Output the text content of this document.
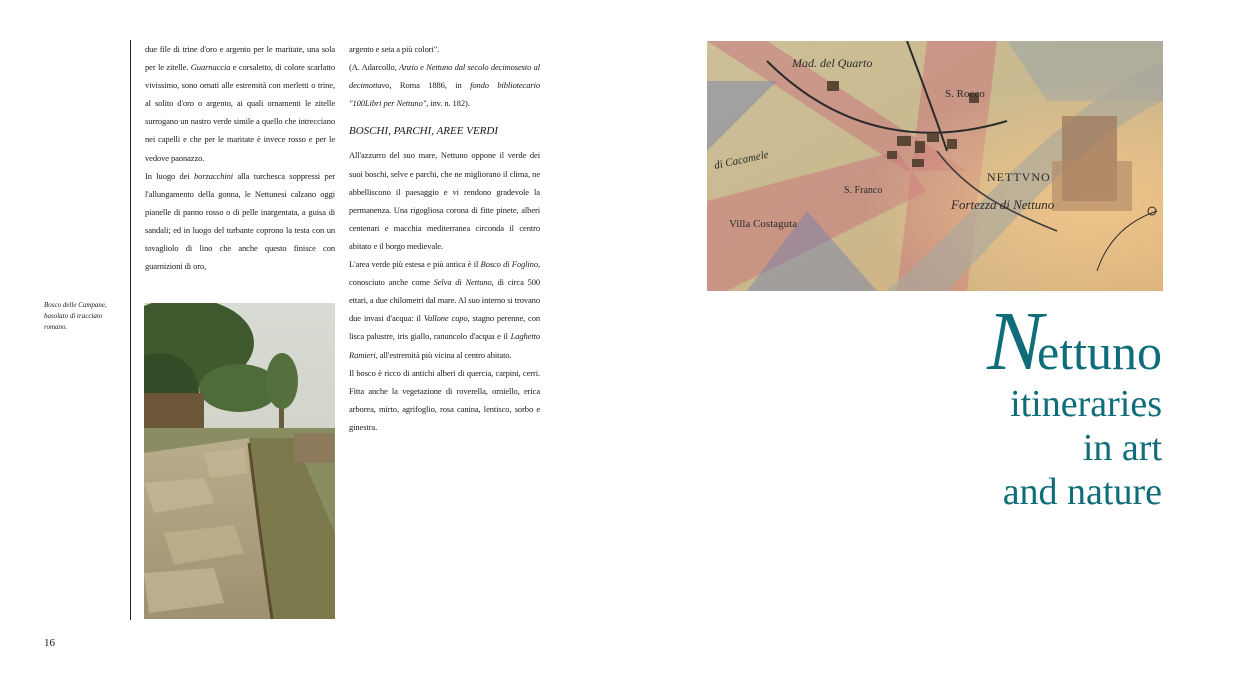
due file di trine d'oro e argento per le maritate, una sola per le zitelle. Guarnaccia e corsaletto, di colore scarlatto vivissimo, sono ornati alle estremità con merletti o trine, al solito d'oro o argento, ai quali ornamenti le zitelle surrogano un nastro verde simile a quello che intrecciano nei capelli e che per le maritate è invece rosso e per le vedove paonazzo.

In luogo dei borzacchini alla turchesca soppressi per l'allungamento della gonna, le Nettunesi calzano oggi pianelle di panno rosso o di pelle inargentata, a guisa di sandali; ed in luogo del turbante coprono la testa con un tovagliolo di lino che anche questo finisce con guarnizioni di oro,

Bosco delle Campane, basolato di tracciato romano.

argento e seta a più colori".

(A. Adarcollo, Anzio e Nettuno dal secolo decimosesto al decimottavo, Roma 1886, in fondo bibliotecario "100Libri per Nettuno", inv. n. 182).

BOSCHI, PARCHI, AREE VERDI

All'azzurro del suo mare, Nettuno oppone il verde dei suoi boschi, selve e parchi, che ne migliorano il clima, ne abbelliscono il paesaggio e vi rendono gradevole la permanenza. Una rigogliosa corona di fitte pinete, alberi centenari e macchia mediterranea circonda il centro abitato e il borgo medievale.

L'area verde più estesa e più antica è il Bosco di Foglino, conosciuto anche come Selva di Nettuno, di circa 500 ettari, a due chilometri dal mare. Al suo interno si trovano due invasi d'acqua: il Vallone cupo, stagno perenne, con lisca palustre, iris giallo, ranuncolo d'acqua e il Laghetto Ramieri, all'estremità più vicina al centro abitato.

Il bosco è ricco di antichi alberi di quercia, carpini, cerri. Fitta anche la vegetazione di roverella, orniello, erica arborea, mirto, agrifoglio, rosa canina, lentisco, sorbo e ginestra.

16
Mad. del Quarto
S. Rocco
NETTVNO
S. Franco
Villa Costaguta
Fortezza di Nettuno
di Cacamele
Nettuno
itineraries
in art
and nature
